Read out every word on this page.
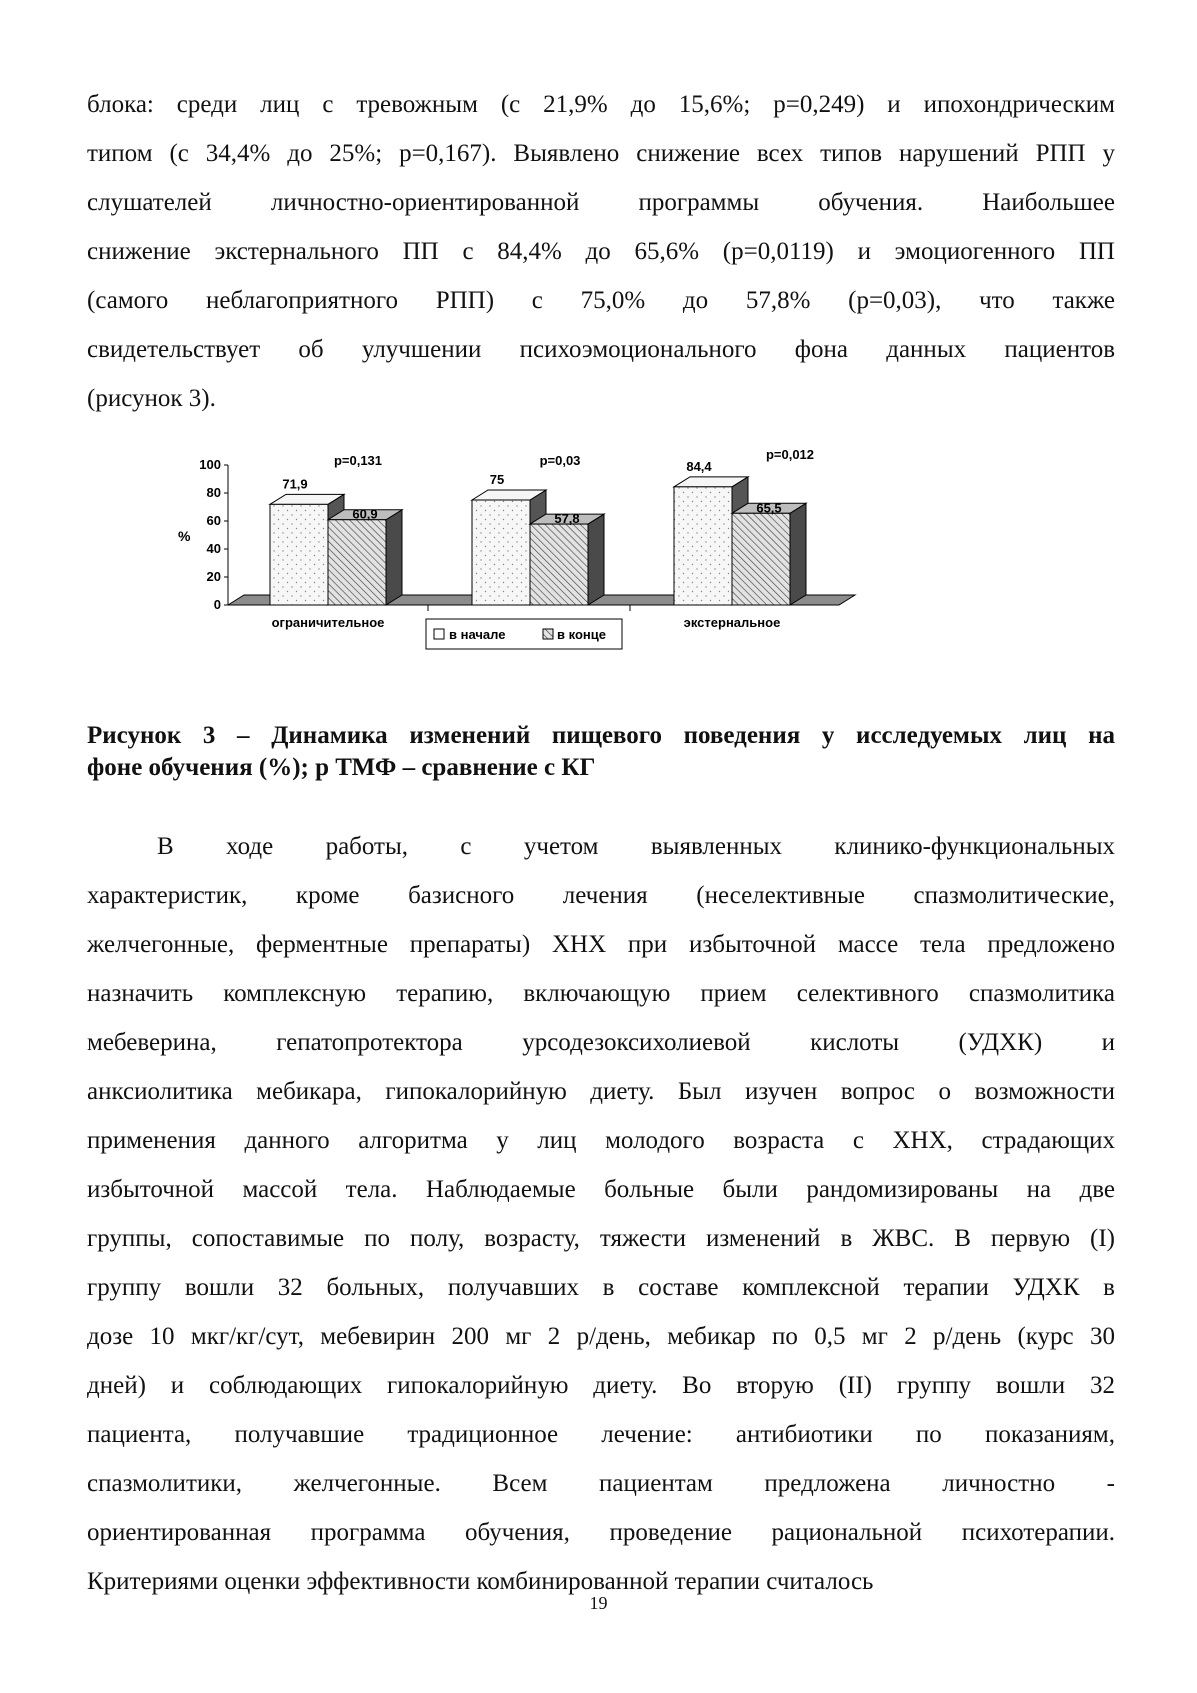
блока: среди лиц с тревожным (с 21,9% до 15,6%; p=0,249) и ипохондрическим
типом (с 34,4% до 25%; p=0,167). Выявлено снижение всех типов нарушений РПП у
слушателей личностно-ориентированной программы обучения. Наибольшее
снижение экстернального ПП с 84,4% до 65,6% (p=0,0119) и эмоциогенного ПП
(самого неблагоприятного РПП) с 75,0% до 57,8% (p=0,03), что также
свидетельствует об улучшении психоэмоционального фона данных пациентов
(рисунок 3).
0
20
40
60
80
100
%
71,9
60,9
p=0,131
ограничительное
75
57,8
p=0,03	84,4
65,5
p=0,012
экстернальное
в начале	в конце
Рисунок 3 – Динамика изменений пищевого поведения у исследуемых лиц на
фоне обучения (%); р ТМФ – сравнение с КГ
В ходе работы, с учетом выявленных клинико-функциональных
характеристик, кроме базисного лечения (неселективные спазмолитические,
желчегонные, ферментные препараты) ХНХ при избыточной массе тела предложено
назначить комплексную терапию, включающую прием селективного спазмолитика
мебеверина, гепатопротектора урсодезоксихолиевой кислоты (УДХК) и
анксиолитика мебикара, гипокалорийную диету. Был изучен вопрос о возможности
применения данного алгоритма у лиц молодого возраста с ХНХ, страдающих
избыточной массой тела. Наблюдаемые больные были рандомизированы на две
группы, сопоставимые по полу, возрасту, тяжести изменений в ЖВС. В первую (I)
группу вошли 32 больных, получавших в составе комплексной терапии УДХК в
дозе 10 мкг/кг/сут, мебевирин 200 мг 2 р/день, мебикар по 0,5 мг 2 р/день (курс 30
дней) и соблюдающих гипокалорийную диету. Во вторую (II) группу вошли 32
пациента, получавшие традиционное лечение: антибиотики по показаниям,
спазмолитики, желчегонные. Всем пациентам предложена личностно -
ориентированная программа обучения, проведение рациональной психотерапии.
Критериями оценки эффективности комбинированной терапии считалось
19
